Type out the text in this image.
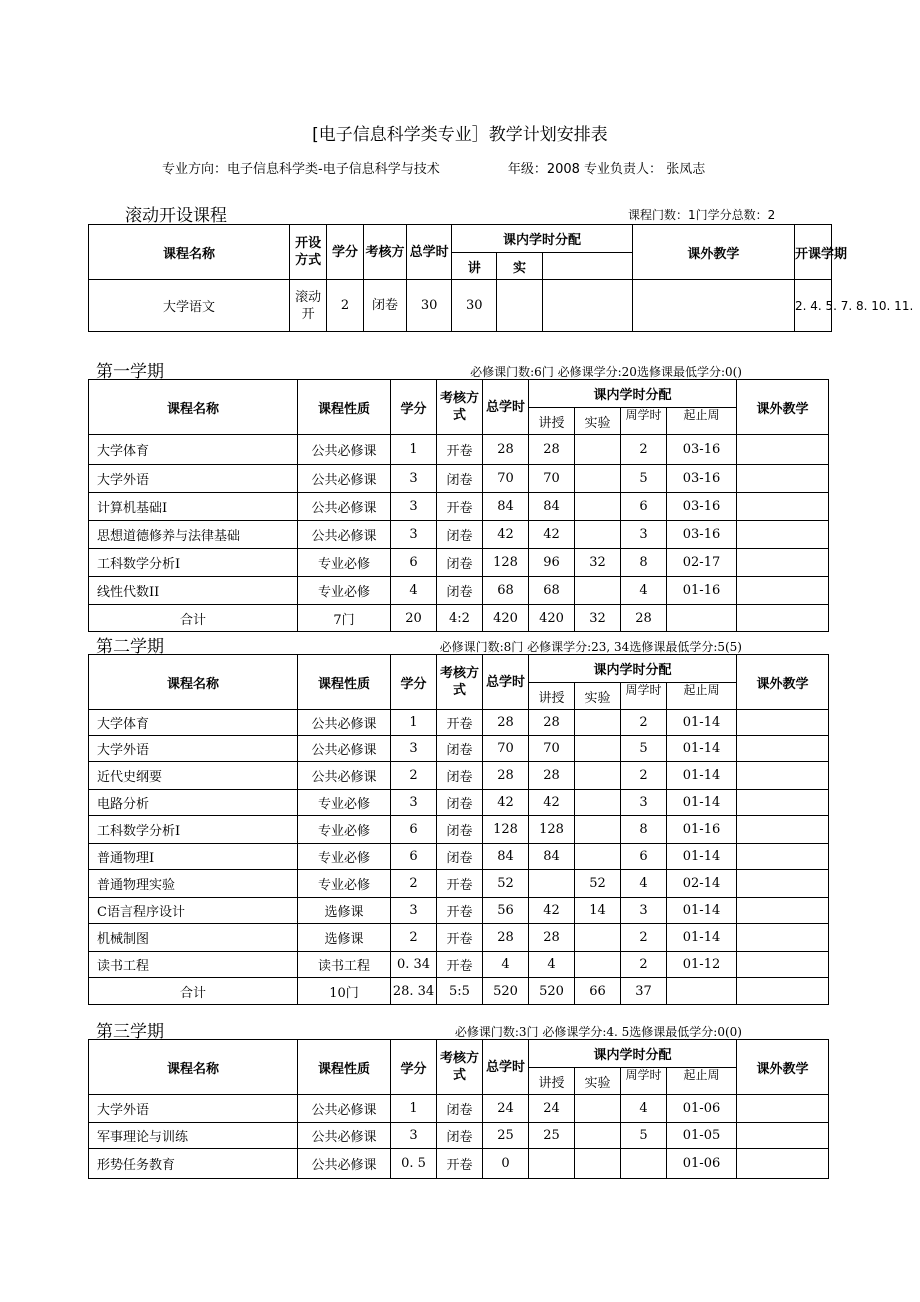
[电子信息科学类专业］教学计划安排表
专业方向：电子信息科学类-电子信息科学与技术	年级：2008 专业负责人： 张凤志
滚动开设课程	课程门数：1门学分总数：2
课程名称	开设方式	学分	考核方	总学时	课内学时分配			课外教学	开课学期
					讲	实			
大学语文	滚动开	2	闭卷	30	30				2. 4. 5. 7. 8. 10. 11.
第一学期	必修课门数:6门 必修课学分:20选修课最低学分:0()
课程名称	课程性质	学分	考核方式	总学时	课内学时分配				课外教学
					讲授	实验	周学时	起止周	
大学体育	公共必修课	1	开卷	28	28		2	03-16	
大学外语	公共必修课	3	闭卷	70	70		5	03-16	
计算机基础I	公共必修课	3	开卷	84	84		6	03-16	
思想道德修养与法律基础	公共必修课	3	闭卷	42	42		3	03-16	
工科数学分析I	专业必修	6	闭卷	128	96	32	8	02-17	
线性代数II	专业必修	4	闭卷	68	68		4	01-16	
合计	7门	20	4:2	420	420	32	28		
第二学期	必修课门数:8门 必修课学分:23, 34选修课最低学分:5(5)
课程名称	课程性质	学分	考核方式	总学时	课内学时分配				课外教学
					讲授	实验	周学时	起止周	
大学体育	公共必修课	1	开卷	28	28		2	01-14	
大学外语	公共必修课	3	闭卷	70	70		5	01-14	
近代史纲要	公共必修课	2	闭卷	28	28		2	01-14	
电路分析	专业必修	3	闭卷	42	42		3	01-14	
工科数学分析I	专业必修	6	闭卷	128	128		8	01-16	
普通物理I	专业必修	6	闭卷	84	84		6	01-14	
普通物理实验	专业必修	2	开卷	52		52	4	02-14	
C语言程序设计	选修课	3	开卷	56	42	14	3	01-14	
机械制图	选修课	2	开卷	28	28		2	01-14	
读书工程	读书工程	0. 34	开卷	4	4		2	01-12	
合计	10门	28. 34	5:5	520	520	66	37		
第三学期	必修课门数:3门 必修课学分:4. 5选修课最低学分:0(0)
课程名称	课程性质	学分	考核方式	总学时	课内学时分配				课外教学
					讲授	实验	周学时	起止周	
大学外语	公共必修课	1	闭卷	24	24		4	01-06	
军事理论与训练	公共必修课	3	闭卷	25	25		5	01-05	
形势任务教育	公共必修课	0. 5	开卷	0				01-06	
